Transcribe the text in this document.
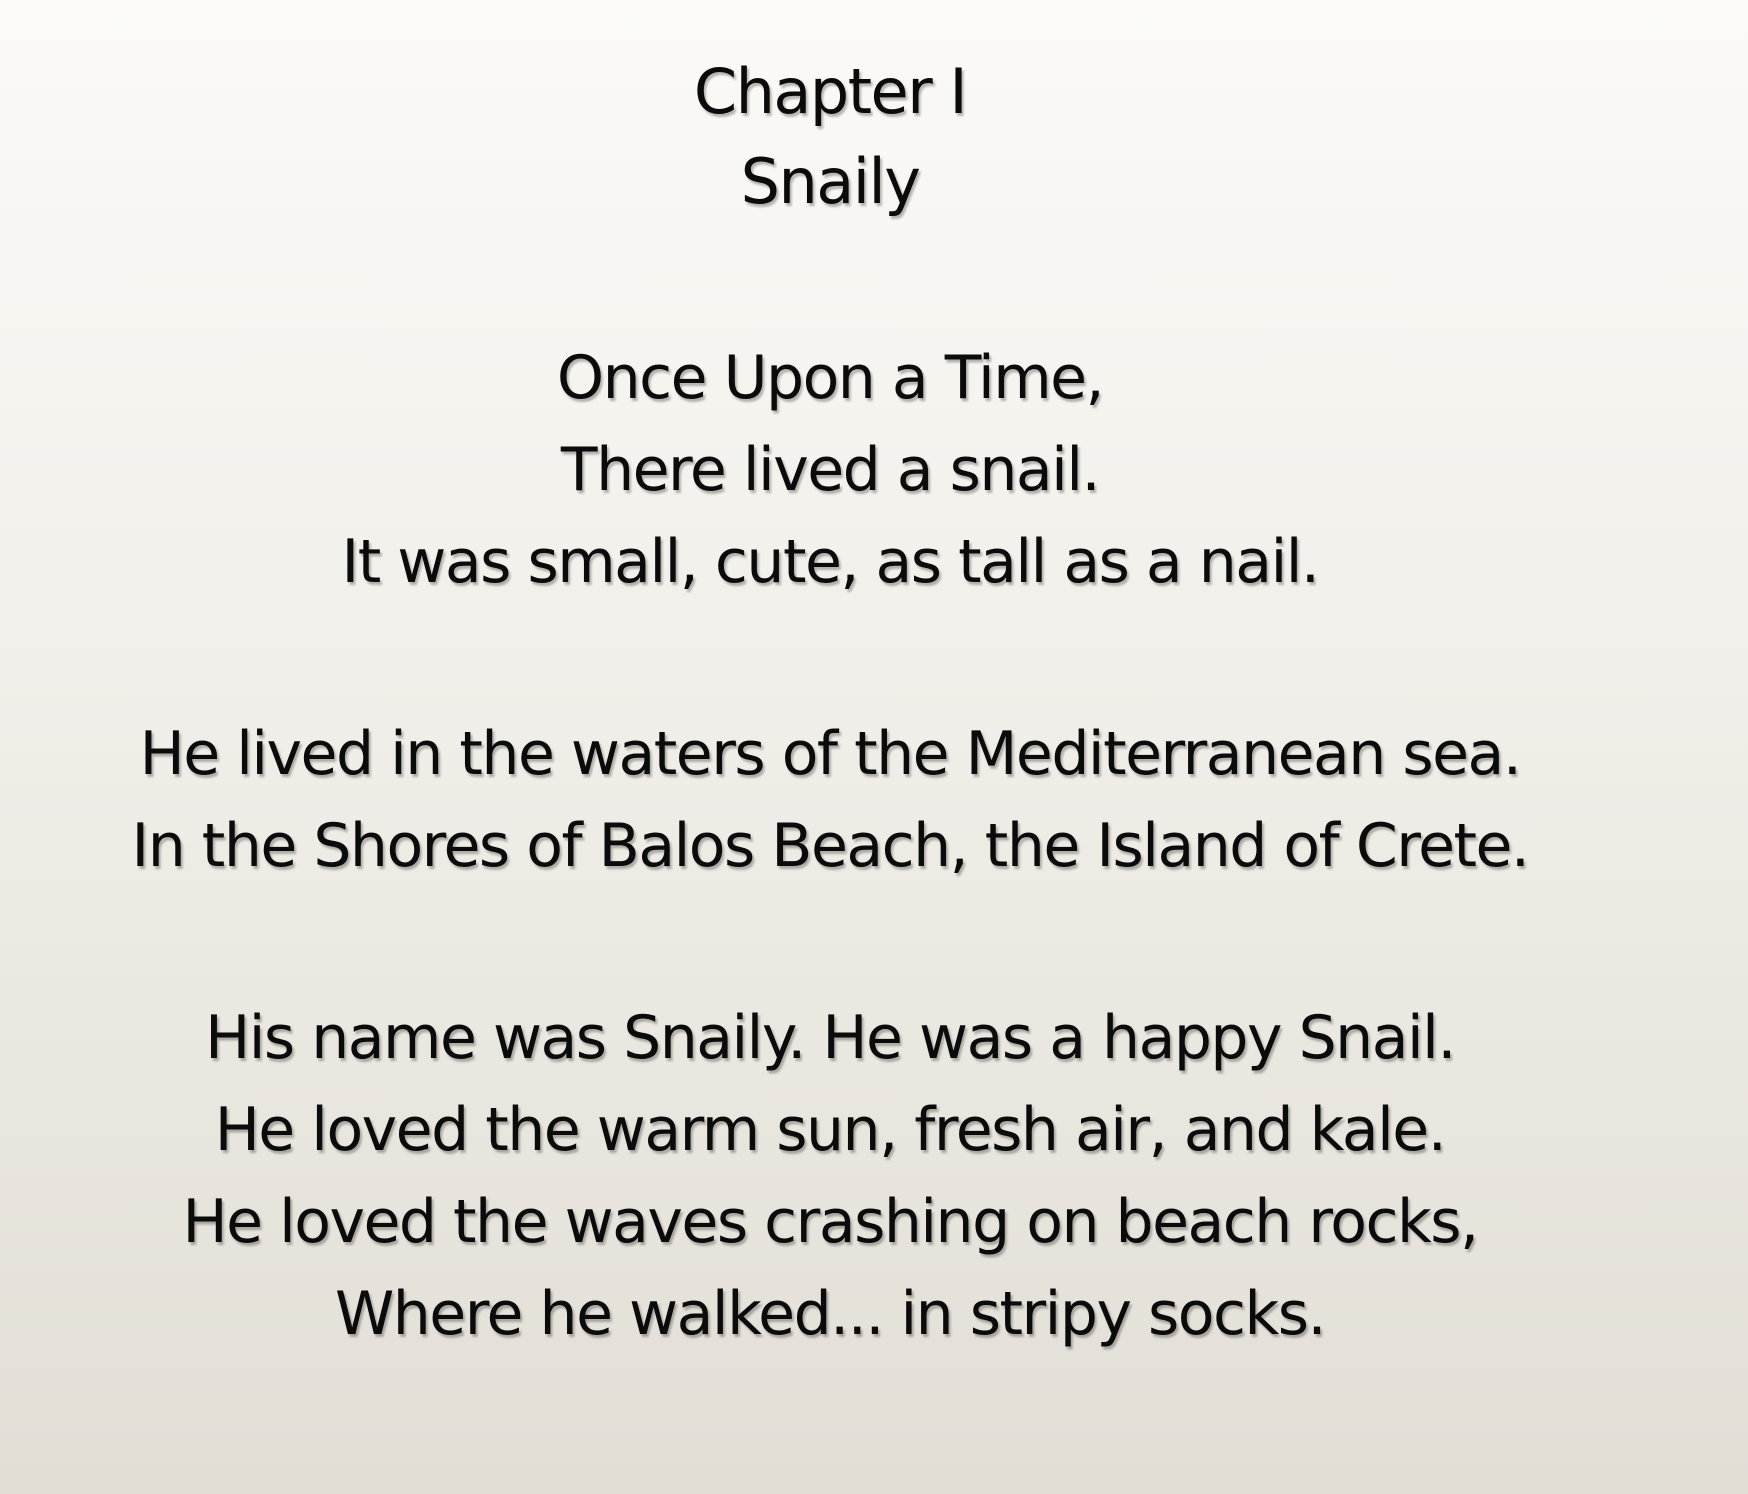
Chapter I
Snaily
Once Upon a Time,
There lived a snail.
It was small, cute, as tall as a nail.
He lived in the waters of the Mediterranean sea.
In the Shores of Balos Beach, the Island of Crete.
His name was Snaily. He was a happy Snail.
He loved the warm sun, fresh air, and kale.
He loved the waves crashing on beach rocks,
Where he walked... in stripy socks.
